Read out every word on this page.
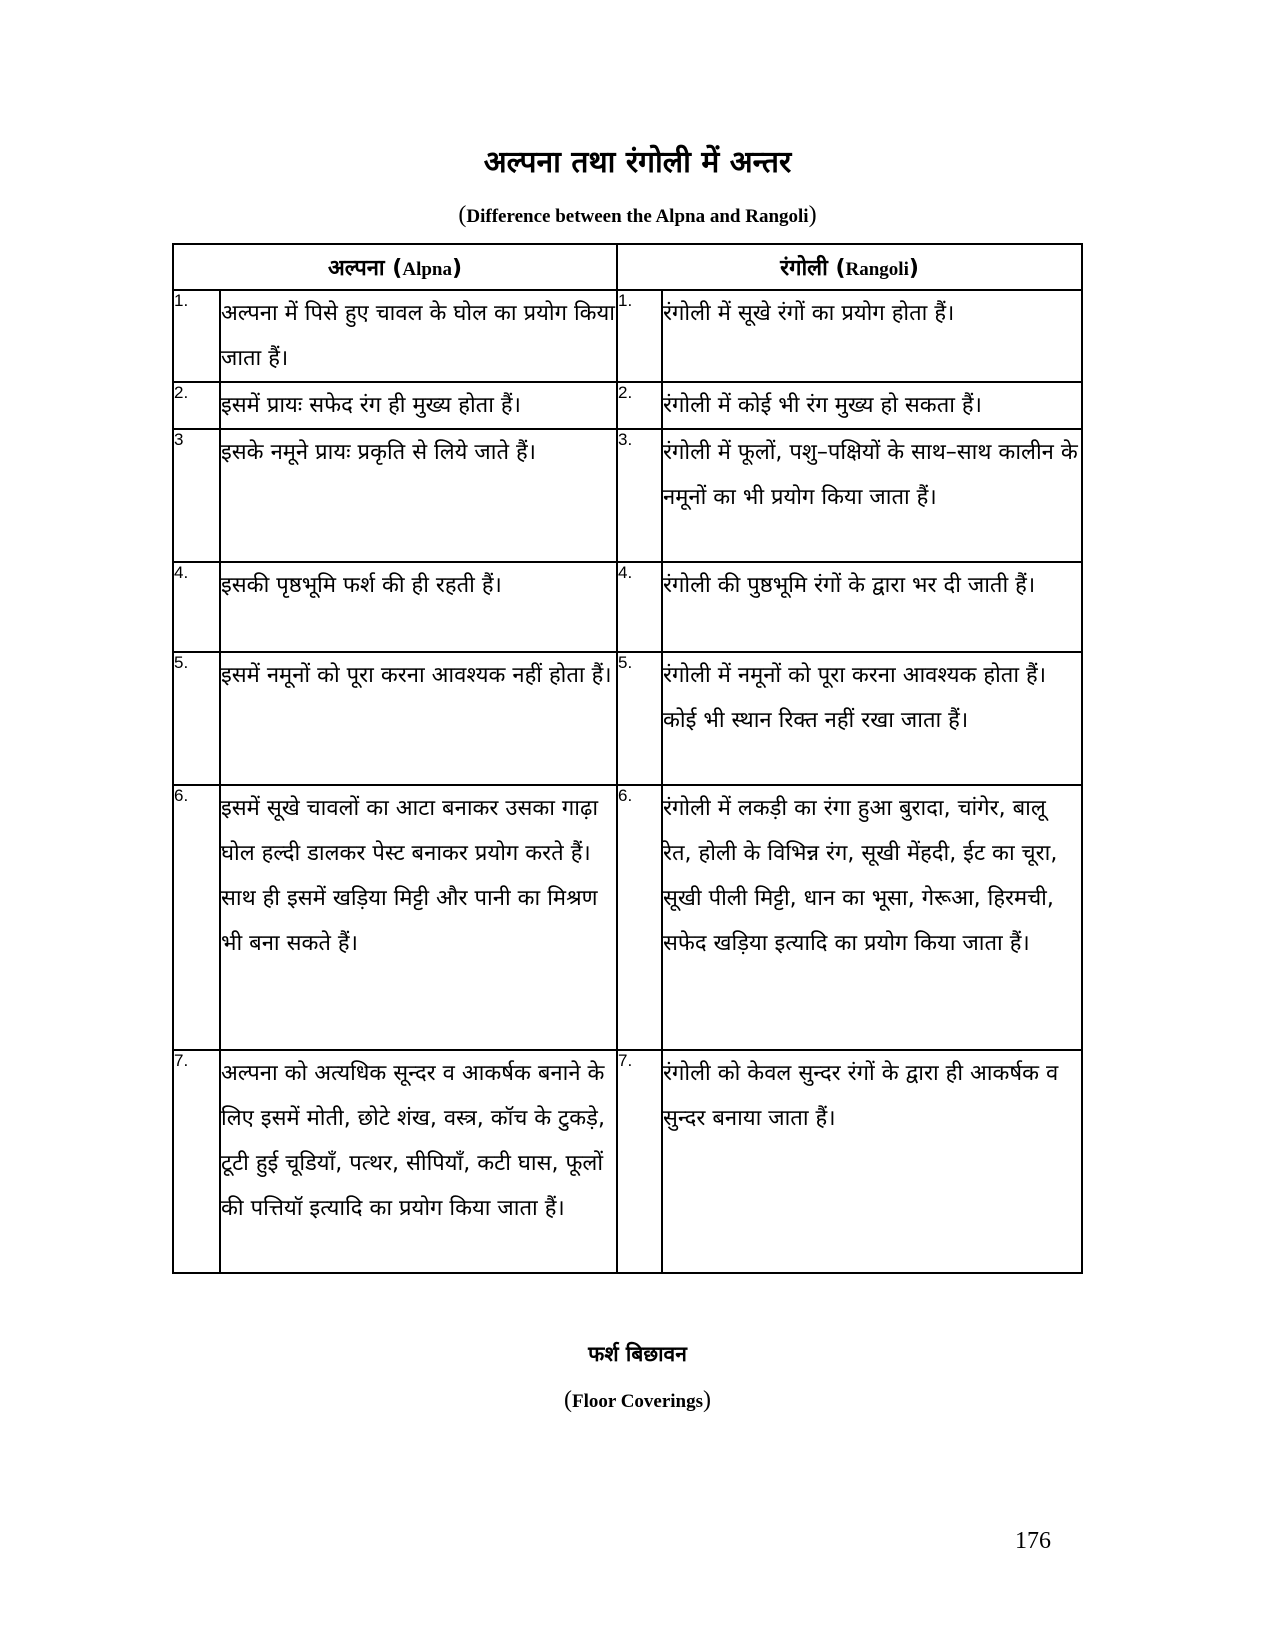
अल्पना तथा रंगोली में अन्तर
(Difference between the Alpna and Rangoli)
अल्पना (Alpna)		रंगोली (Rangoli)	
1.	अल्पना में पिसे हुए चावल के घोल का प्रयोग किया जाता हैं।	1.	रंगोली में सूखे रंगों का प्रयोग होता हैं।
2.	इसमें प्रायः सफेद रंग ही मुख्य होता हैं।	2.	रंगोली में कोई भी रंग मुख्य हो सकता हैं।
3	इसके नमूने प्रायः प्रकृति से लिये जाते हैं।	3.	रंगोली में फूलों, पशु–पक्षियों के साथ–साथ कालीन के नमूनों का भी प्रयोग किया जाता हैं।
4.	इसकी पृष्ठभूमि फर्श की ही रहती हैं।	4.	रंगोली की पुष्ठभूमि रंगों के द्वारा भर दी जाती हैं।
5.	इसमें नमूनों को पूरा करना आवश्यक नहीं होता हैं।	5.	रंगोली में नमूनों को पूरा करना आवश्यक होता हैं। कोई भी स्थान रिक्त नहीं रखा जाता हैं।
6.	इसमें सूखे चावलों का आटा बनाकर उसका गाढ़ा घोल हल्दी डालकर पेस्ट बनाकर प्रयोग करते हैं। साथ ही इसमें खड़िया मिट्टी और पानी का मिश्रण भी बना सकते हैं।	6.	रंगोली में लकड़ी का रंगा हुआ बुरादा, चांगेर, बालू रेत, होली के विभिन्न रंग, सूखी मेंहदी, ईट का चूरा, सूखी पीली मिट्टी, धान का भूसा, गेरूआ, हिरमची, सफेद खड़िया इत्यादि का प्रयोग किया जाता हैं।
7.	अल्पना को अत्यधिक सून्दर व आकर्षक बनाने के लिए इसमें मोती, छोटे शंख, वस्त्र, कॉच के टुकड़े, टूटी हुई चूडियाँ, पत्थर, सीपियाँ, कटी घास, फूलों की पत्तियॉ इत्यादि का प्रयोग किया जाता हैं।	7.	रंगोली को केवल सुन्दर रंगों के द्वारा ही आकर्षक व सुन्दर बनाया जाता हैं।
फर्श बिछावन
(Floor Coverings)
176
